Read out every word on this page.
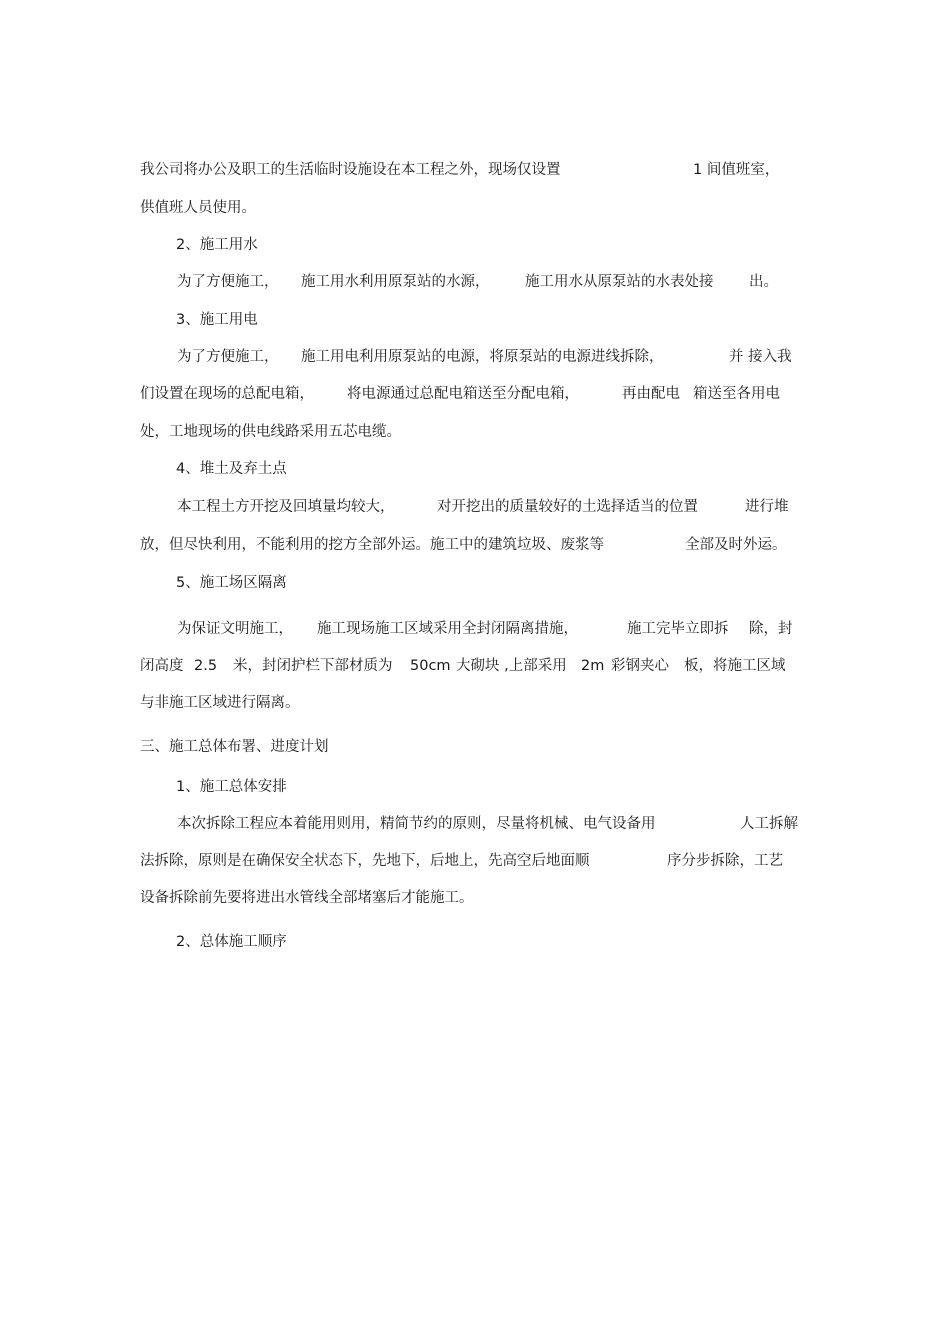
我公司将办公及职工的生活临时设施设在本工程之外，现场仅设置

	1 间值班室，

供值班人员使用。

2、施工用水

为了方便施工，

施工用水利用原泵站的水源，

施工用水从原泵站的水表处接

出。

3、施工用电

为了方便施工，

施工用电利用原泵站的电源，将原泵站的电源进线拆除，

	并 接入我

们设置在现场的总配电箱，

将电源通过总配电箱送至分配电箱，

	再由配电

箱送至各用电

处，工地现场的供电线路采用五芯电缆。

4、堆土及弃土点

本工程土方开挖及回填量均较大，

	对开挖出的质量较好的土选择适当的位置

	进行堆

放，但尽快利用，不能利用的挖方全部外运。施工中的建筑垃圾、废浆等

	全部及时外运。

5、施工场区隔离

为保证文明施工，

施工现场施工区域采用全封闭隔离措施，

	施工完毕立即拆

除，封

闭高度

2.5

米，封闭护栏下部材质为

50cm

大砌块 ,上部采用

2m

彩钢夹心

板，将施工区域

与非施工区域进行隔离。

三、施工总体布署、进度计划

1、施工总体安排

本次拆除工程应本着能用则用，精简节约的原则，尽量将机械、电气设备用

	人工拆解

法拆除，原则是在确保安全状态下，先地下，后地上，先高空后地面顺

	序分步拆除，工艺

设备拆除前先要将进出水管线全部堵塞后才能施工。

2、总体施工顺序
